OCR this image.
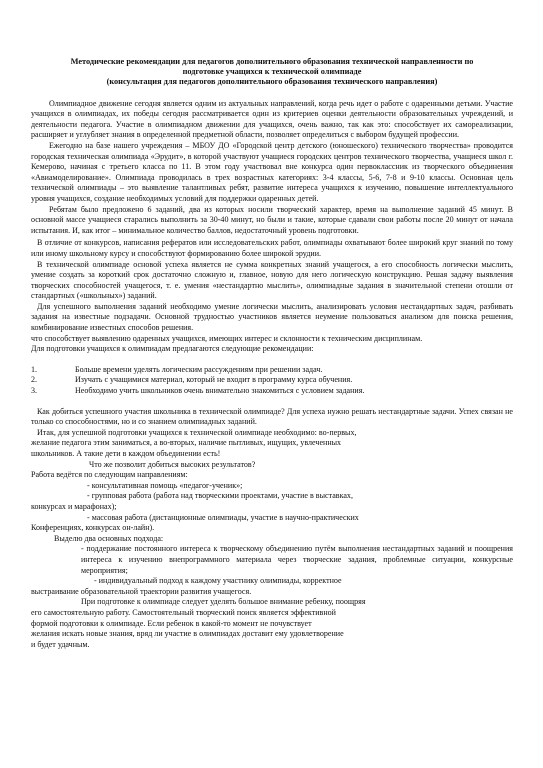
Методические рекомендации для педагогов дополнительного образования технической направленности по
подготовке учащихся к технической олимпиаде
(консультация для педагогов дополнительного образования технического направления)

Олимпиадное движение сегодня является одним из актуальных направлений, когда речь идет о работе с одаренными детьми. Участие учащихся в олимпиадах, их победы сегодня рассматривается один из критериев оценки деятельности образовательных учреждений, и деятельности педагога. Участие в олимпиадном движении для учащихся, очень важно, так как это: способствует их самореализации, расширяет и углубляет знания в определенной предметной области, позволяет определиться с выбором будущей профессии.

Ежегодно на базе нашего учреждения – МБОУ ДО «Городской центр детского (юношеского) технического творчества» проводится городская техническая олимпиада «Эрудит», в которой участвуют учащиеся городских центров технического творчества, учащиеся школ г. Кемерово, начиная с третьего класса по 11. В этом году участвовал вне конкурса один первоклассник из творческого объединения «Авиамоделирование». Олимпиада проводилась в трех возрастных категориях: 3-4 классы, 5-6, 7-8 и 9-10 классы. Основная цель технической олимпиады – это выявление талантливых ребят, развитие интереса учащихся к изучению, повышение интеллектуального уровня учащихся, создание необходимых условий для поддержки одаренных детей.

Ребятам было предложено 6 заданий, два из которых носили творческий характер, время на выполнение заданий 45 минут. В основной массе учащиеся старались выполнить за 30-40 минут, но были и такие, которые сдавали свои работы после 20 минут от начала испытания. И, как итог – минимальное количество баллов, недостаточный уровень подготовки.

В отличие от конкурсов, написания рефератов или исследовательских работ, олимпиады охватывают более широкий круг знаний по тому или иному школьному курсу и способствуют формированию более широкой эрудии.

В технической олимпиаде основой успеха является не сумма конкретных знаний учащегося, а его способность логически мыслить, умение создать за короткий срок достаточно сложную и, главное, новую для него логическую конструкцию. Решая задачу выявления творческих способностей учащегося, т. е. умения «нестандартно мыслить», олимпиадные задания в значительной степени отошли от стандартных («школьных») заданий.

Для успешного выполнения заданий необходимо умение логически мыслить, анализировать условия нестандартных задач, разбивать задания на известные подзадачи. Основной трудностью участников является неумение пользоваться анализом для поиска решения, комбинирование известных способов решения.

что способствует выявлению одаренных учащихся, имеющих интерес и склонности к техническим дисциплинам.

Для подготовки учащихся к олимпиадам предлагаются следующие рекомендации:

1.	Больше времени уделять логическим рассуждениям при решении задач.
2.	Изучать с учащимися материал, который не входит в программу курса обучения.
3.	Необходимо учить школьников очень внимательно знакомиться с условием задания.

Как добиться успешного участия школьника в технической олимпиаде? Для успеха нужно решать нестандартные задачи. Успех связан не только со способностями, но и со знанием олимпиадных заданий.

Итак, для успешной подготовки учащихся к технической олимпиаде необходимо: во-первых,

желание педагога этим заниматься, а во-вторых, наличие пытливых, ищущих, увлеченных

школьников. А такие дети в каждом объединении есть!

Что же позволит добиться высоких результатов?

Работа ведётся по следующим направлениям:

- консультативная помощь «педагог-ученик»;

- групповая работа (работа над творческими проектами, участие в выставках,

конкурсах и марафонах);

- массовая работа (дистанционные олимпиады, участие в научно-практических

Конференциях, конкурсах он-лайн).

Выделю два основных подхода:

- поддержание постоянного интереса к творческому объединению путём выполнения нестандартных заданий и поощрения интереса к изучению внепрограммного материала через творческие задания, проблемные ситуации, конкурсные мероприятия;

- индивидуальный подход к каждому участнику олимпиады, корректное

выстраивание образовательной траектории развития учащегося.

При подготовке к олимпиаде следует уделять большое внимание ребенку, поощряя

его самостоятельную работу. Самостоятельный творческий поиск является эффективной

формой подготовки к олимпиаде. Если ребенок в какой-то момент не почувствует

желания искать новые знания, вряд ли участие в олимпиадах доставит ему удовлетворение

и будет удачным.
